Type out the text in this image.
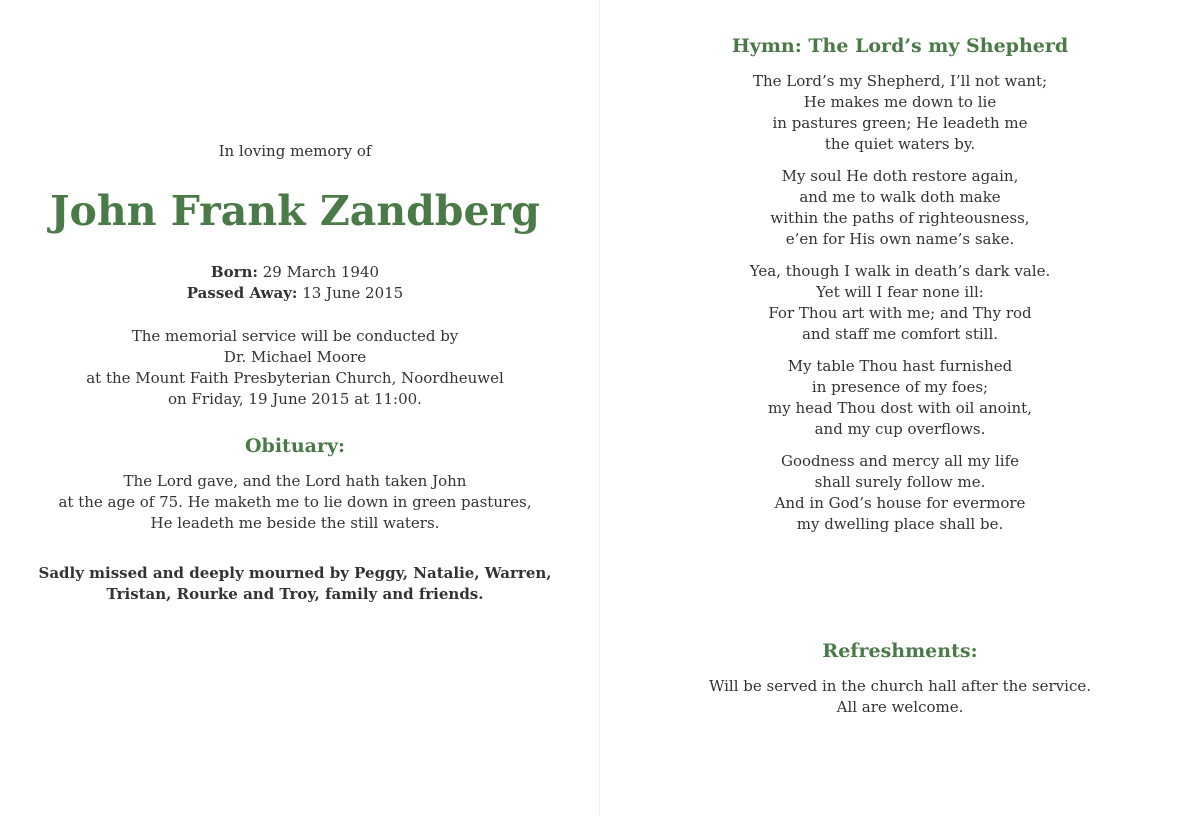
In loving memory of
John Frank Zandberg
Born: 29 March 1940
Passed Away: 13 June 2015
The memorial service will be conducted by
Dr. Michael Moore
at the Mount Faith Presbyterian Church, Noordheuwel
on Friday, 19 June 2015 at 11:00.
Obituary:
The Lord gave, and the Lord hath taken John
at the age of 75. He maketh me to lie down in green pastures,
He leadeth me beside the still waters.
Sadly missed and deeply mourned by Peggy, Natalie, Warren,
Tristan, Rourke and Troy, family and friends.
Hymn: The Lord’s my Shepherd
The Lord’s my Shepherd, I’ll not want;
He makes me down to lie
in pastures green; He leadeth me
the quiet waters by.
My soul He doth restore again,
and me to walk doth make
within the paths of righteousness,
e’en for His own name’s sake.
Yea, though I walk in death’s dark vale.
Yet will I fear none ill:
For Thou art with me; and Thy rod
and staff me comfort still.
My table Thou hast furnished
in presence of my foes;
my head Thou dost with oil anoint,
and my cup overflows.
Goodness and mercy all my life
shall surely follow me.
And in God’s house for evermore
my dwelling place shall be.
Refreshments:
Will be served in the church hall after the service.
All are welcome.
